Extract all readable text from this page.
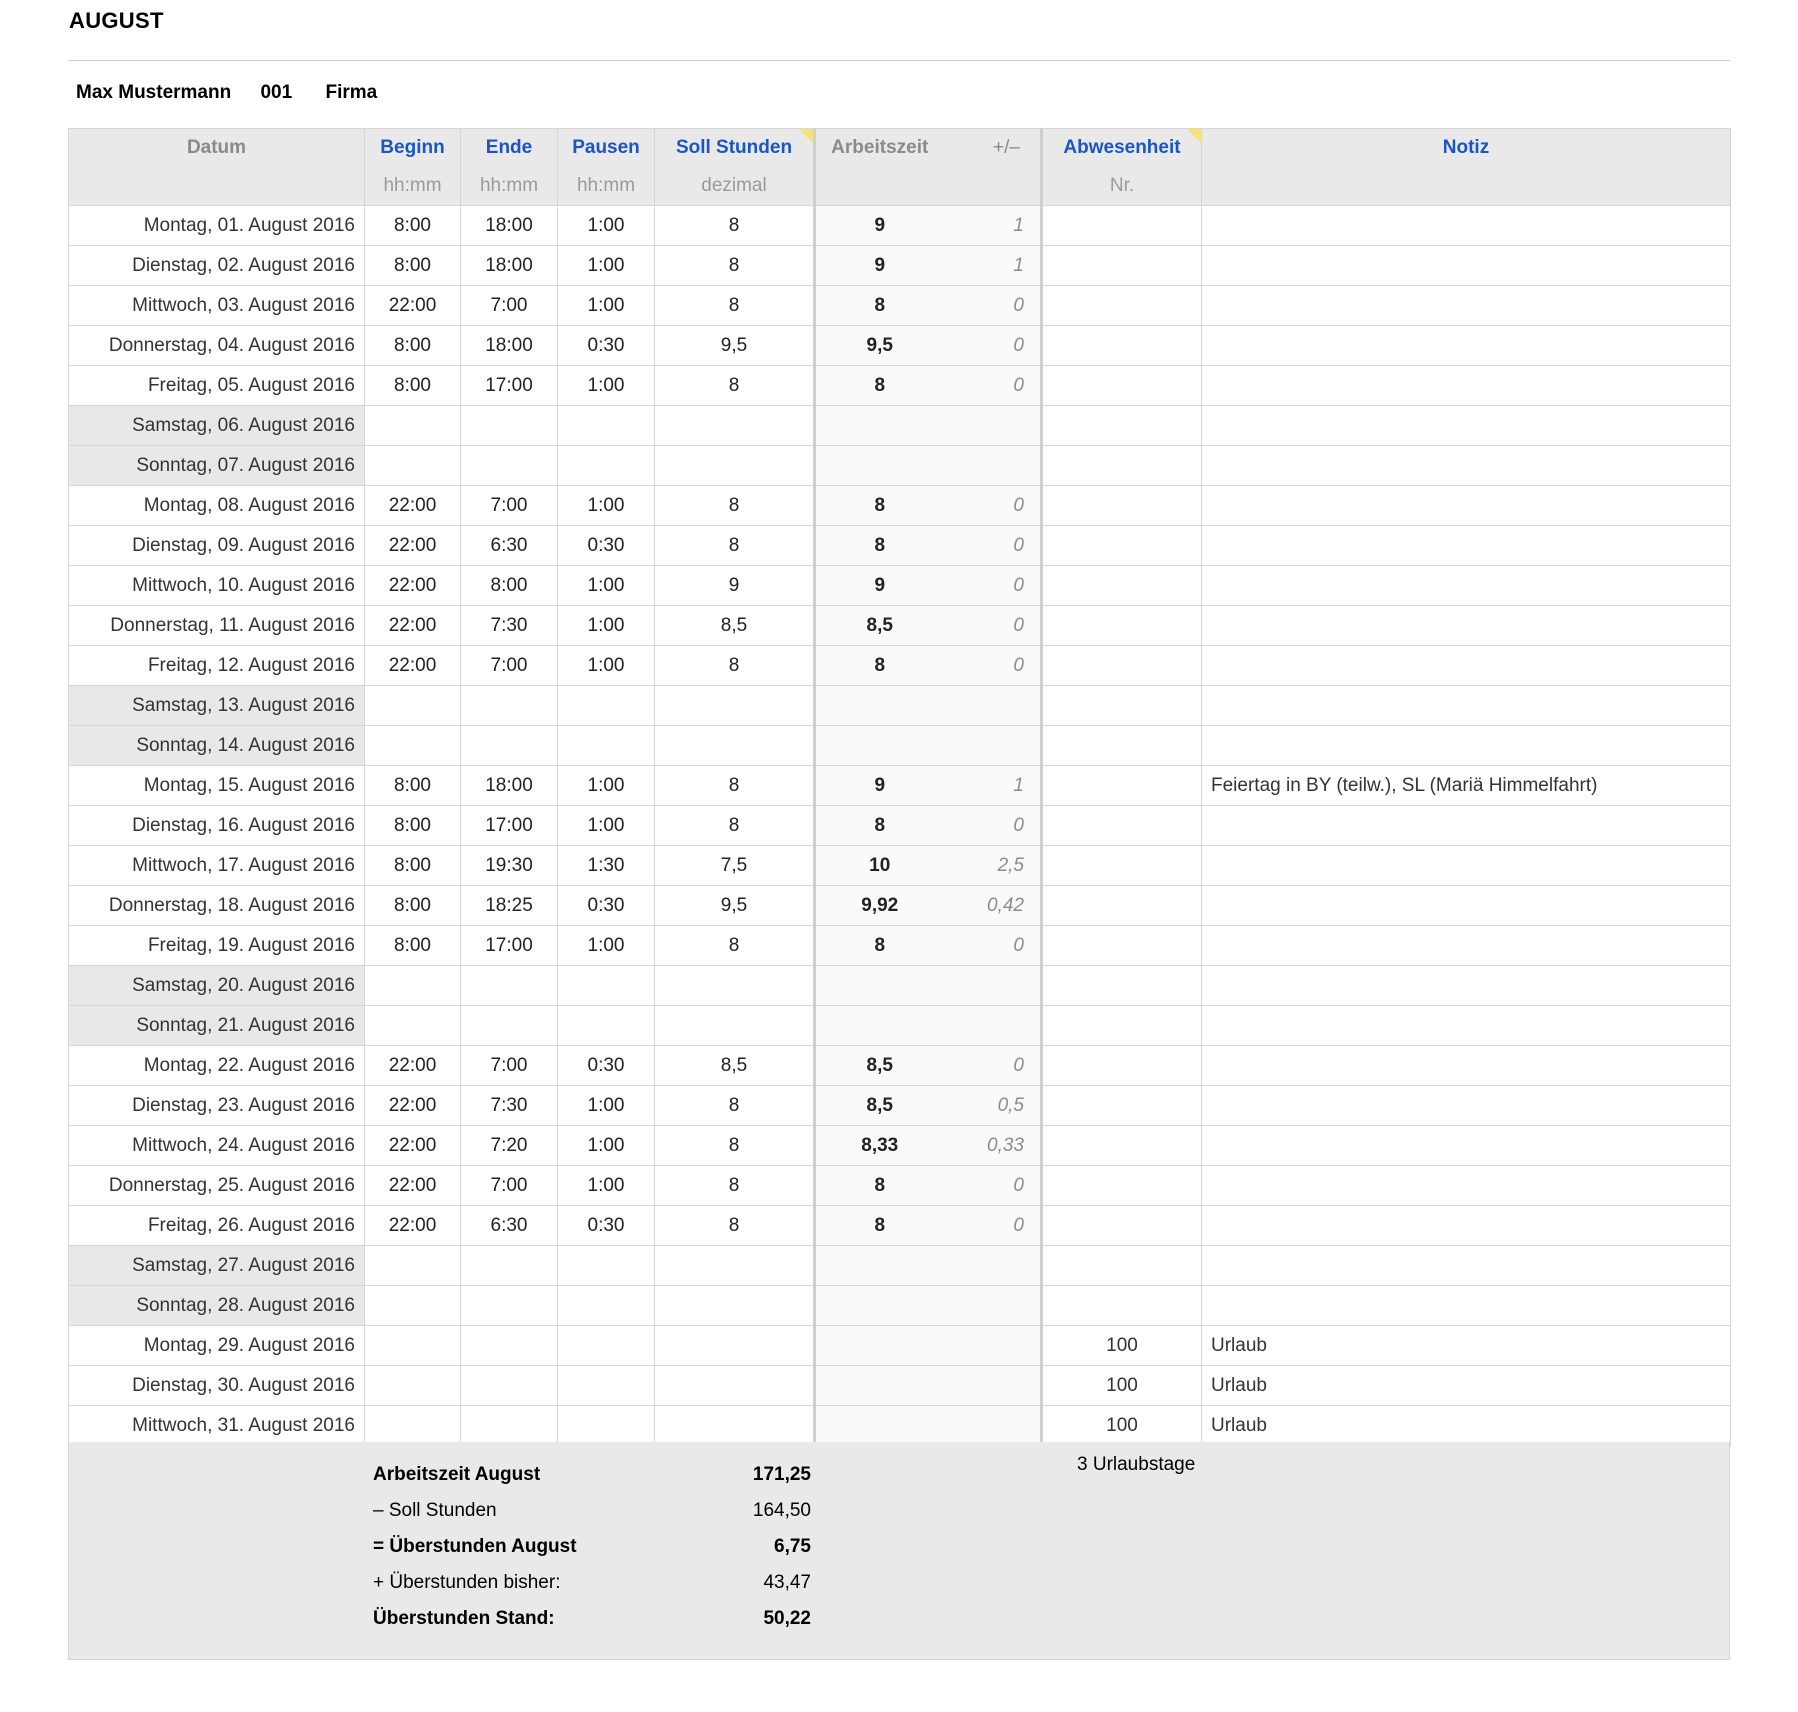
AUGUST
Max Mustermann 001 Firma
Datum	Beginn	Ende	Pausen	Soll Stunden	Arbeitszeit	+/–	Abwesenheit	Notiz
	hh:mm	hh:mm	hh:mm	dezimal			Nr.	
Montag, 01. August 2016	8:00	18:00	1:00	8	9	1		
Dienstag, 02. August 2016	8:00	18:00	1:00	8	9	1		
Mittwoch, 03. August 2016	22:00	7:00	1:00	8	8	0		
Donnerstag, 04. August 2016	8:00	18:00	0:30	9,5	9,5	0		
Freitag, 05. August 2016	8:00	17:00	1:00	8	8	0		
Samstag, 06. August 2016								
Sonntag, 07. August 2016								
Montag, 08. August 2016	22:00	7:00	1:00	8	8	0		
Dienstag, 09. August 2016	22:00	6:30	0:30	8	8	0		
Mittwoch, 10. August 2016	22:00	8:00	1:00	9	9	0		
Donnerstag, 11. August 2016	22:00	7:30	1:00	8,5	8,5	0		
Freitag, 12. August 2016	22:00	7:00	1:00	8	8	0		
Samstag, 13. August 2016								
Sonntag, 14. August 2016								
Montag, 15. August 2016	8:00	18:00	1:00	8	9	1		Feiertag in BY (teilw.), SL (Mariä Himmelfahrt)
Dienstag, 16. August 2016	8:00	17:00	1:00	8	8	0		
Mittwoch, 17. August 2016	8:00	19:30	1:30	7,5	10	2,5		
Donnerstag, 18. August 2016	8:00	18:25	0:30	9,5	9,92	0,42		
Freitag, 19. August 2016	8:00	17:00	1:00	8	8	0		
Samstag, 20. August 2016								
Sonntag, 21. August 2016								
Montag, 22. August 2016	22:00	7:00	0:30	8,5	8,5	0		
Dienstag, 23. August 2016	22:00	7:30	1:00	8	8,5	0,5		
Mittwoch, 24. August 2016	22:00	7:20	1:00	8	8,33	0,33		
Donnerstag, 25. August 2016	22:00	7:00	1:00	8	8	0		
Freitag, 26. August 2016	22:00	6:30	0:30	8	8	0		
Samstag, 27. August 2016								
Sonntag, 28. August 2016								
Montag, 29. August 2016							100	Urlaub
Dienstag, 30. August 2016							100	Urlaub
Mittwoch, 31. August 2016							100	Urlaub
3 Urlaubstage
Arbeitszeit August	171,25
– Soll Stunden	164,50
= Überstunden August	6,75
+ Überstunden bisher:	43,47
Überstunden Stand:	50,22
